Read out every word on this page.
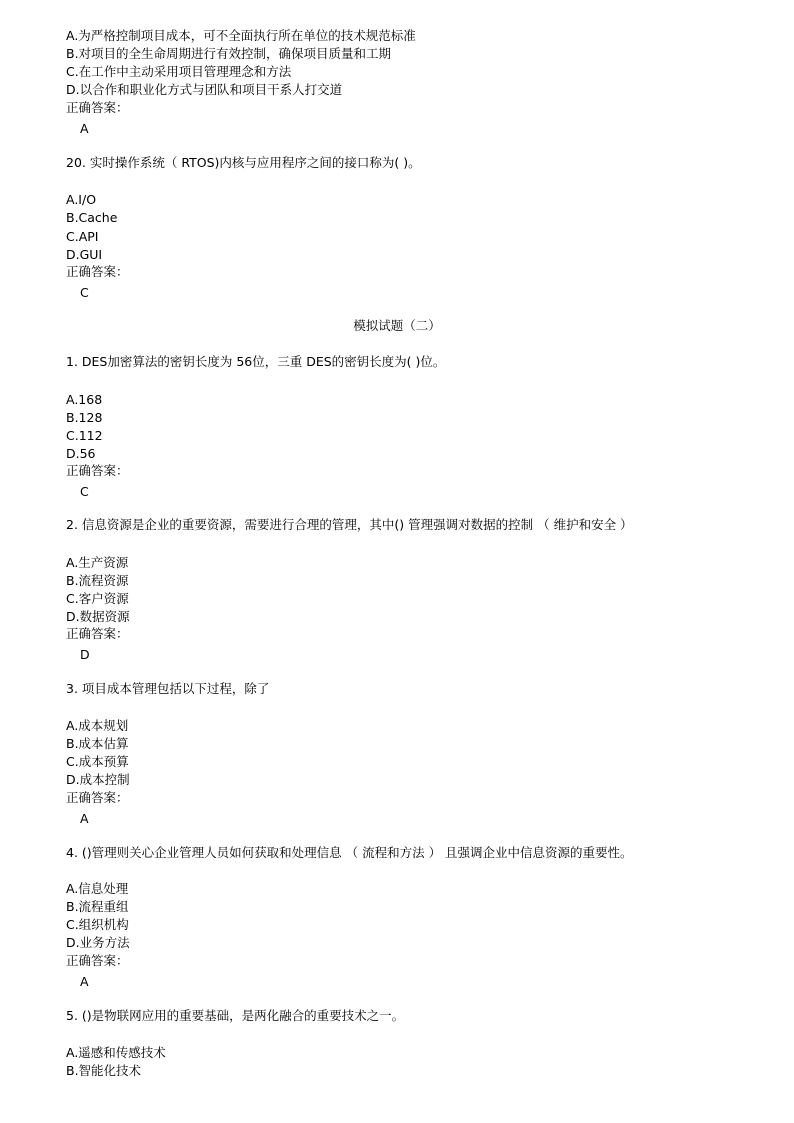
A.为严格控制项目成本，可不全面执行所在单位的技术规范标准
B.对项目的全生命周期进行有效控制，确保项目质量和工期
C.在工作中主动采用项目管理理念和方法
D.以合作和职业化方式与团队和项目干系人打交道
正确答案：
A
20. 实时操作系统（ RTOS)内核与应用程序之间的接口称为( )。
A.I/O
B.Cache
C.API
D.GUI
正确答案：
C
模拟试题（二）
1. DES加密算法的密钥长度为 56位，三重 DES的密钥长度为( )位。
A.168
B.128
C.112
D.56
正确答案：
C
2. 信息资源是企业的重要资源，需要进行合理的管理，其中() 管理强调对数据的控制 （ 维护和安全 ）
A.生产资源
B.流程资源
C.客户资源
D.数据资源
正确答案：
D
3. 项目成本管理包括以下过程，除了
A.成本规划
B.成本估算
C.成本预算
D.成本控制
正确答案：
A
4. ()管理则关心企业管理人员如何获取和处理信息 （ 流程和方法 ） 且强调企业中信息资源的重要性。
A.信息处理
B.流程重组
C.组织机构
D.业务方法
正确答案：
A
5. ()是物联网应用的重要基础，是两化融合的重要技术之一。
A.遥感和传感技术
B.智能化技术
